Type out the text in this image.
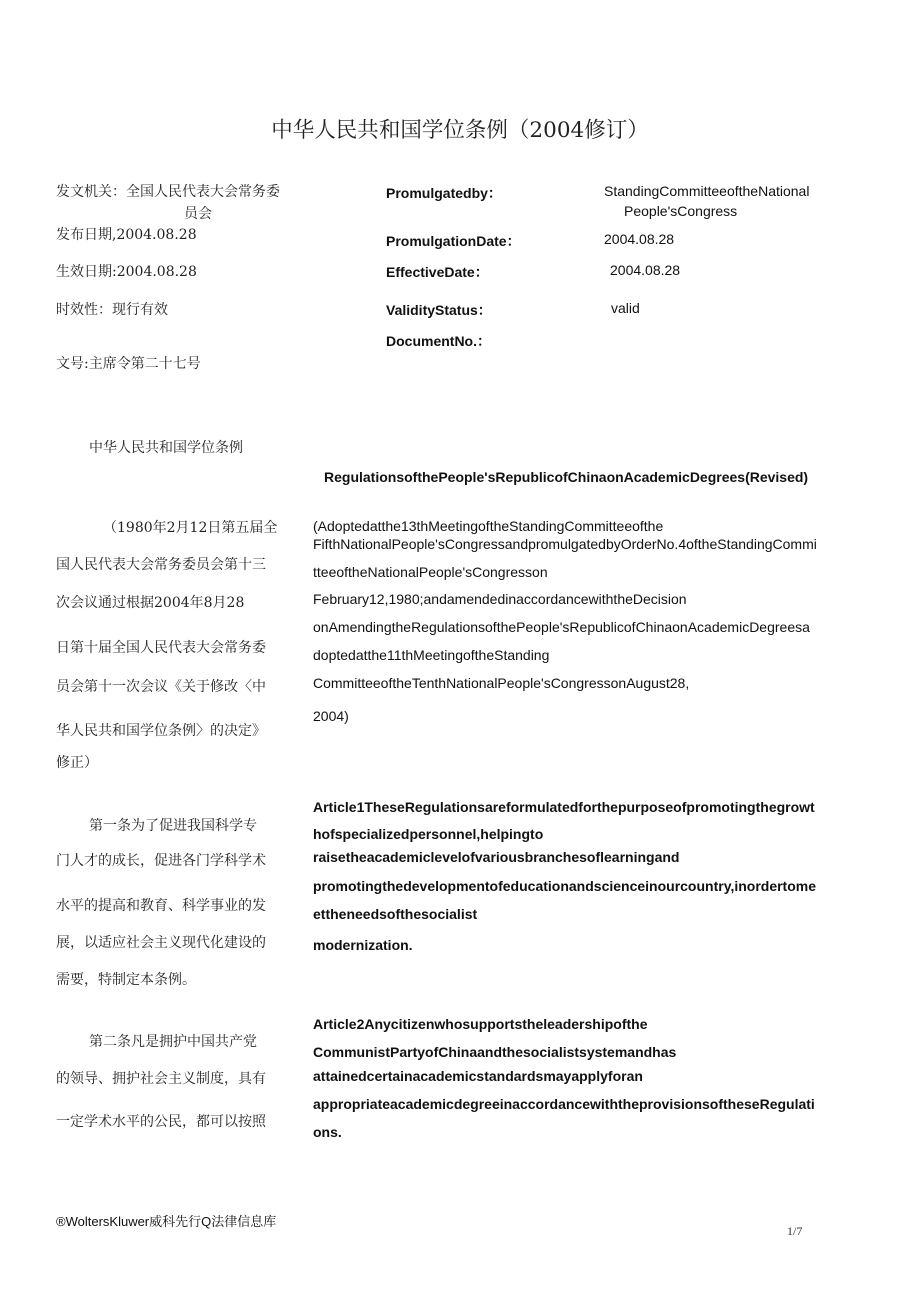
中华人民共和国学位条例（2004修订）
发文机关：全国人民代表大会常务委
员会
发布日期,2004.08.28
生效日期:2004.08.28
时效性：现行有效
文号:主席令第二十七号
Promulgatedby：
PromulgationDate：
EffectiveDate：
ValidityStatus：
DocumentNo.：
StandingCommitteeoftheNational
People'sCongress
2004.08.28
2004.08.28
valid
中华人民共和国学位条例
RegulationsofthePeople'sRepublicofChinaonAcademicDegrees(Revised)
（1980年2月12日第五届全
国人民代表大会常务委员会第十三
次会议通过根据2004年8月28
日第十届全国人民代表大会常务委
员会第十一次会议《关于修改〈中
华人民共和国学位条例〉的决定》
修正）
(Adoptedatthe13thMeetingoftheStandingCommitteeofthe
FifthNationalPeople'sCongressandpromulgatedbyOrderNo.4oftheStandingCommi
tteeoftheNationalPeople'sCongresson
February12,1980;andamendedinaccordancewiththeDecision
onAmendingtheRegulationsofthePeople'sRepublicofChinaonAcademicDegreesa
doptedatthe11thMeetingoftheStanding
CommitteeoftheTenthNationalPeople'sCongressonAugust28,
2004)
第一条为了促进我国科学专
门人才的成长，促进各门学科学术
水平的提高和教育、科学事业的发
展，以适应社会主义现代化建设的
需要，特制定本条例。
Article1TheseRegulationsareformulatedforthepurposeofpromotingthegrowt
hofspecializedpersonnel,helpingto
raisetheacademiclevelofvariousbranchesoflearningand
promotingthedevelopmentofeducationandscienceinourcountry,inordertome
ettheneedsofthesocialist
modernization.
第二条凡是拥护中国共产党
的领导、拥护社会主义制度，具有
一定学术水平的公民，都可以按照
Article2Anycitizenwhosupportstheleadershipofthe
CommunistPartyofChinaandthesocialistsystemandhas
attainedcertainacademicstandardsmayapplyforan
appropriateacademicdegreeinaccordancewiththeprovisionsoftheseRegulati
ons.
®WoltersKluwer威科先行Q法律信息库
1/7
